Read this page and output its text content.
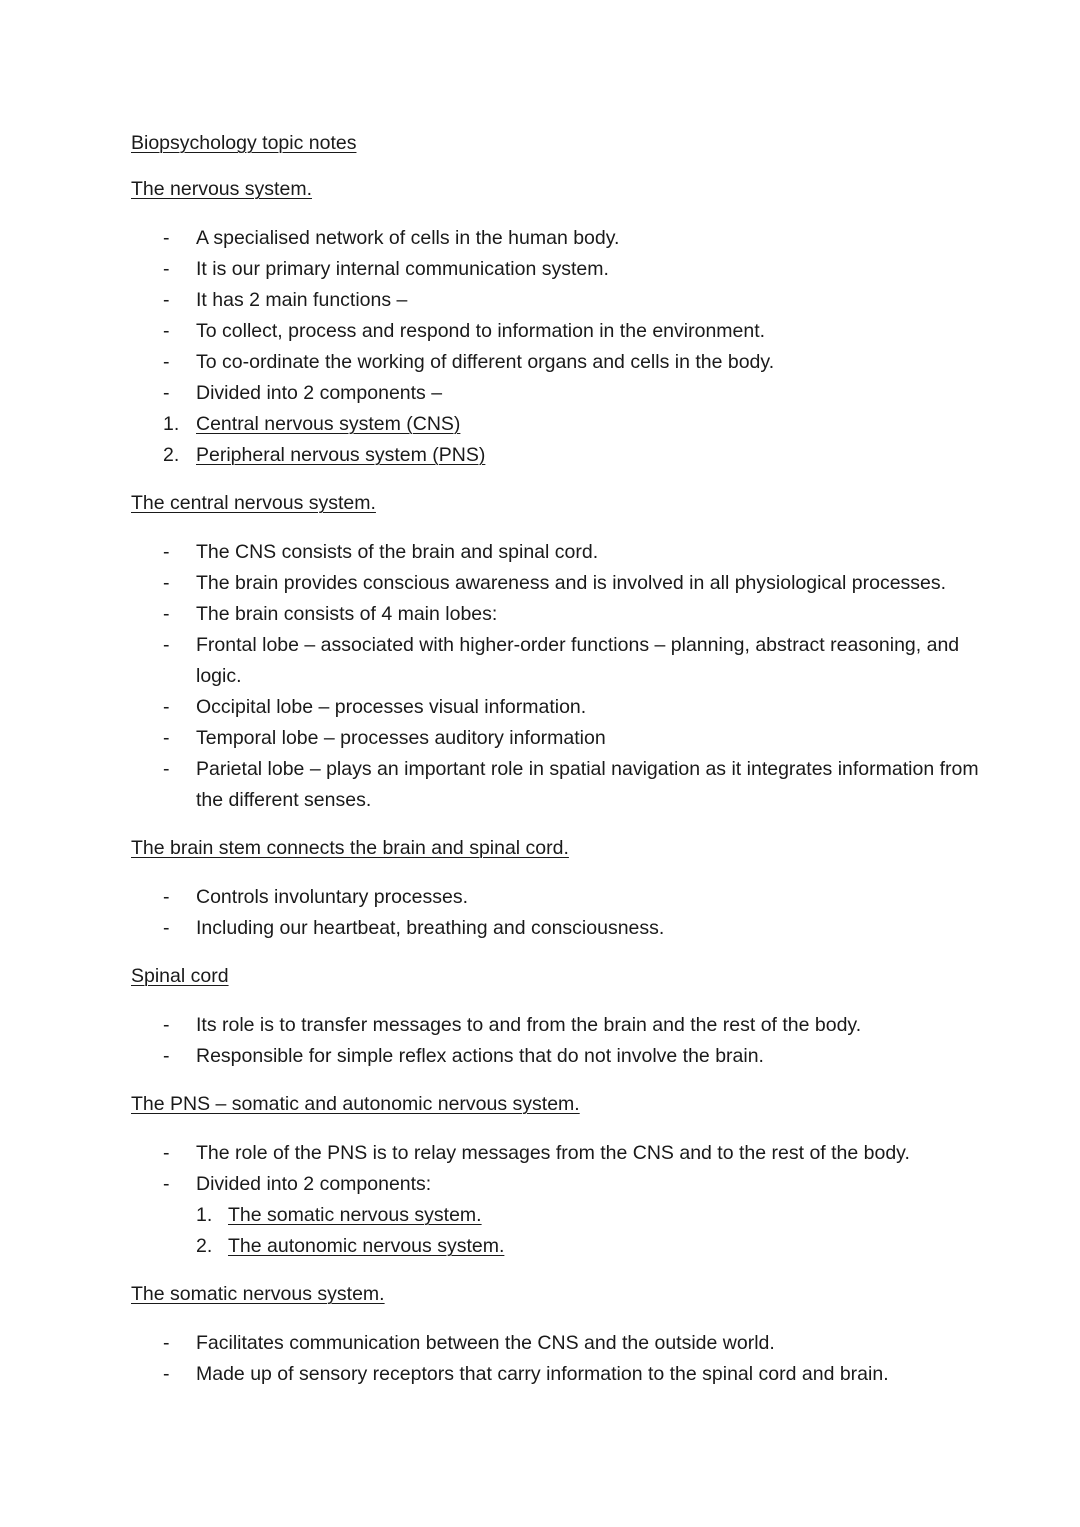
Biopsychology topic notes

The nervous system.

- A specialised network of cells in the human body.
- It is our primary internal communication system.
- It has 2 main functions –
- To collect, process and respond to information in the environment.
- To co-ordinate the working of different organs and cells in the body.
- Divided into 2 components –
1. Central nervous system (CNS)
2. Peripheral nervous system (PNS)

The central nervous system.

- The CNS consists of the brain and spinal cord.
- The brain provides conscious awareness and is involved in all physiological processes.
- The brain consists of 4 main lobes:
- Frontal lobe – associated with higher-order functions – planning, abstract reasoning, and logic.
- Occipital lobe – processes visual information.
- Temporal lobe – processes auditory information
- Parietal lobe – plays an important role in spatial navigation as it integrates information from the different senses.

The brain stem connects the brain and spinal cord.

- Controls involuntary processes.
- Including our heartbeat, breathing and consciousness.

Spinal cord

- Its role is to transfer messages to and from the brain and the rest of the body.
- Responsible for simple reflex actions that do not involve the brain.

The PNS – somatic and autonomic nervous system.

- The role of the PNS is to relay messages from the CNS and to the rest of the body.
- Divided into 2 components:
1. The somatic nervous system.
2. The autonomic nervous system.

The somatic nervous system.

- Facilitates communication between the CNS and the outside world.
- Made up of sensory receptors that carry information to the spinal cord and brain.
